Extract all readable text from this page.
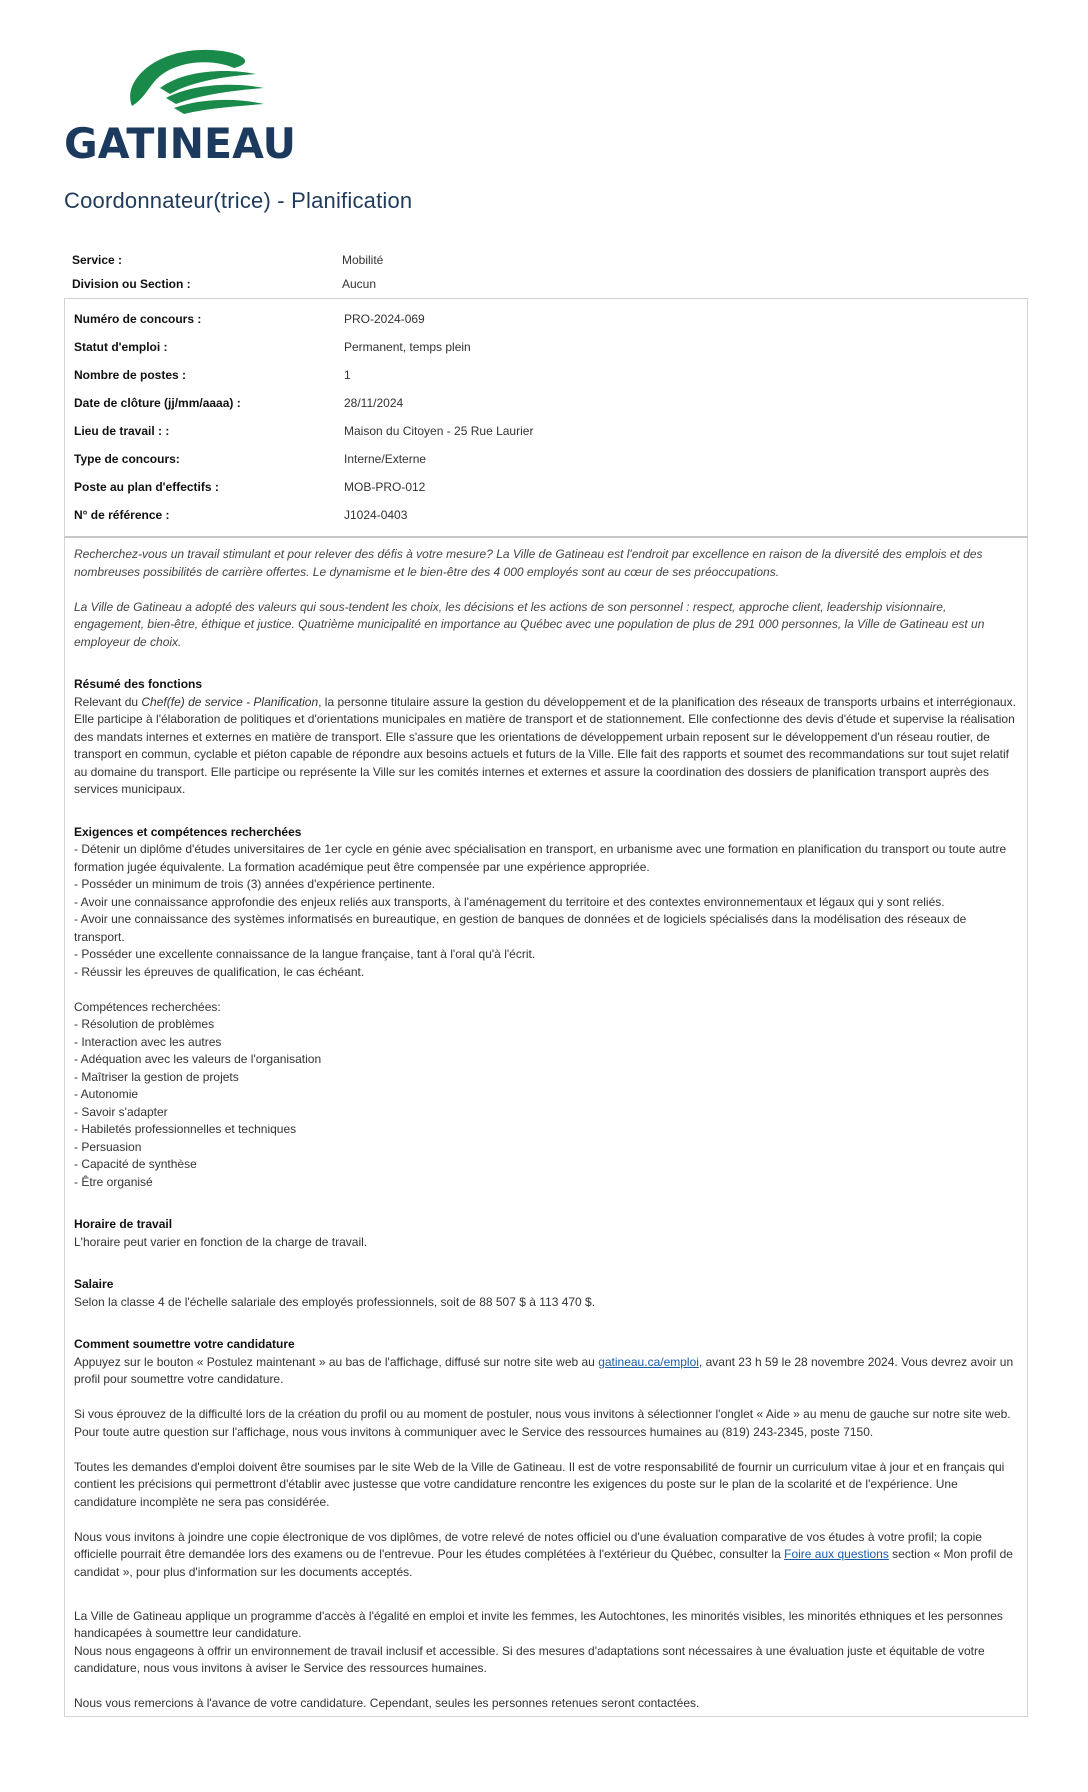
GATINEAU
Coordonnateur(trice) - Planification
Service :	Mobilité
Division ou Section :	Aucun
Numéro de concours :	PRO-2024-069
Statut d'emploi :	Permanent, temps plein
Nombre de postes :	1
Date de clôture (jj/mm/aaaa) :	28/11/2024
Lieu de travail : :	Maison du Citoyen - 25 Rue Laurier
Type de concours:	Interne/Externe
Poste au plan d'effectifs :	MOB-PRO-012
N° de référence :	J1024-0403

Recherchez-vous un travail stimulant et pour relever des défis à votre mesure? La Ville de Gatineau est l'endroit par excellence en raison de la diversité des emplois et des nombreuses possibilités de carrière offertes. Le dynamisme et le bien-être des 4 000 employés sont au cœur de ses préoccupations.

La Ville de Gatineau a adopté des valeurs qui sous-tendent les choix, les décisions et les actions de son personnel : respect, approche client, leadership visionnaire, engagement, bien-être, éthique et justice. Quatrième municipalité en importance au Québec avec une population de plus de 291 000 personnes, la Ville de Gatineau est un employeur de choix.

Résumé des fonctions

Relevant du Chef(fe) de service - Planification, la personne titulaire assure la gestion du développement et de la planification des réseaux de transports urbains et interrégionaux. Elle participe à l'élaboration de politiques et d'orientations municipales en matière de transport et de stationnement. Elle confectionne des devis d'étude et supervise la réalisation des mandats internes et externes en matière de transport. Elle s'assure que les orientations de développement urbain reposent sur le développement d'un réseau routier, de transport en commun, cyclable et piéton capable de répondre aux besoins actuels et futurs de la Ville. Elle fait des rapports et soumet des recommandations sur tout sujet relatif au domaine du transport. Elle participe ou représente la Ville sur les comités internes et externes et assure la coordination des dossiers de planification transport auprès des services municipaux.

Exigences et compétences recherchées

- Détenir un diplôme d'études universitaires de 1er cycle en génie avec spécialisation en transport, en urbanisme avec une formation en planification du transport ou toute autre formation jugée équivalente. La formation académique peut être compensée par une expérience appropriée.

- Posséder un minimum de trois (3) années d'expérience pertinente.

- Avoir une connaissance approfondie des enjeux reliés aux transports, à l'aménagement du territoire et des contextes environnementaux et légaux qui y sont reliés.

- Avoir une connaissance des systèmes informatisés en bureautique, en gestion de banques de données et de logiciels spécialisés dans la modélisation des réseaux de transport.

- Posséder une excellente connaissance de la langue française, tant à l'oral qu'à l'écrit.

- Réussir les épreuves de qualification, le cas échéant.

Compétences recherchées:

- Résolution de problèmes

- Interaction avec les autres

- Adéquation avec les valeurs de l'organisation

- Maîtriser la gestion de projets

- Autonomie

- Savoir s'adapter

- Habiletés professionnelles et techniques

- Persuasion

- Capacité de synthèse

- Être organisé

Horaire de travail

L'horaire peut varier en fonction de la charge de travail.

Salaire

Selon la classe 4 de l'échelle salariale des employés professionnels, soit de 88 507 $ à 113 470 $.

Comment soumettre votre candidature

Appuyez sur le bouton « Postulez maintenant » au bas de l'affichage, diffusé sur notre site web au gatineau.ca/emploi, avant 23 h 59 le 28 novembre 2024. Vous devrez avoir un profil pour soumettre votre candidature.

Si vous éprouvez de la difficulté lors de la création du profil ou au moment de postuler, nous vous invitons à sélectionner l'onglet « Aide » au menu de gauche sur notre site web. Pour toute autre question sur l'affichage, nous vous invitons à communiquer avec le Service des ressources humaines au (819) 243-2345, poste 7150.

Toutes les demandes d'emploi doivent être soumises par le site Web de la Ville de Gatineau. Il est de votre responsabilité de fournir un curriculum vitae à jour et en français qui contient les précisions qui permettront d'établir avec justesse que votre candidature rencontre les exigences du poste sur le plan de la scolarité et de l'expérience. Une candidature incomplète ne sera pas considérée.

Nous vous invitons à joindre une copie électronique de vos diplômes, de votre relevé de notes officiel ou d'une évaluation comparative de vos études à votre profil; la copie officielle pourrait être demandée lors des examens ou de l'entrevue. Pour les études complétées à l'extérieur du Québec, consulter la Foire aux questions section « Mon profil de candidat », pour plus d'information sur les documents acceptés.

La Ville de Gatineau applique un programme d'accès à l'égalité en emploi et invite les femmes, les Autochtones, les minorités visibles, les minorités ethniques et les personnes handicapées à soumettre leur candidature.

Nous nous engageons à offrir un environnement de travail inclusif et accessible. Si des mesures d'adaptations sont nécessaires à une évaluation juste et équitable de votre candidature, nous vous invitons à aviser le Service des ressources humaines.

Nous vous remercions à l'avance de votre candidature. Cependant, seules les personnes retenues seront contactées.
